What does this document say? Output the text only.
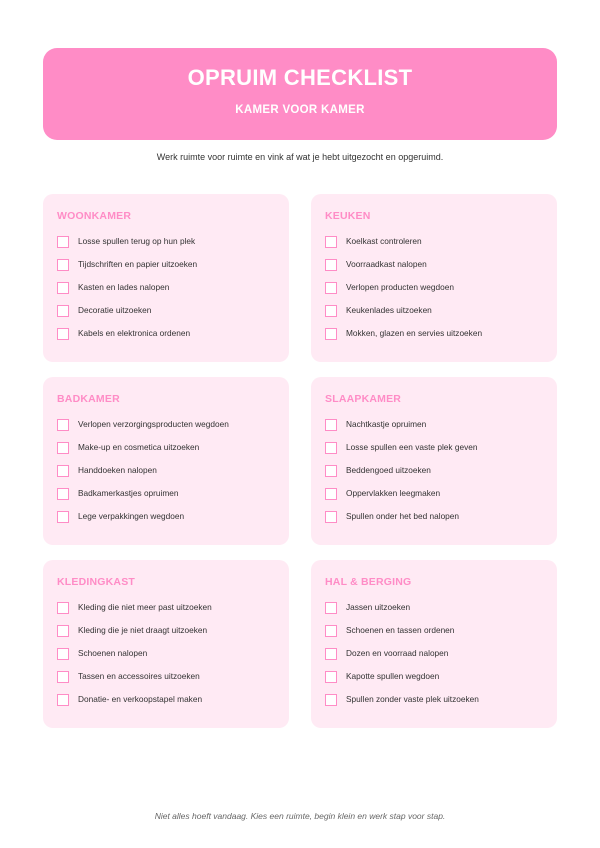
OPRUIM CHECKLIST
KAMER VOOR KAMER
Werk ruimte voor ruimte en vink af wat je hebt uitgezocht en opgeruimd.
WOONKAMER
Losse spullen terug op hun plek
Tijdschriften en papier uitzoeken
Kasten en lades nalopen
Decoratie uitzoeken
Kabels en elektronica ordenen
KEUKEN
Koelkast controleren
Voorraadkast nalopen
Verlopen producten wegdoen
Keukenlades uitzoeken
Mokken, glazen en servies uitzoeken
BADKAMER
Verlopen verzorgingsproducten wegdoen
Make-up en cosmetica uitzoeken
Handdoeken nalopen
Badkamerkastjes opruimen
Lege verpakkingen wegdoen
SLAAPKAMER
Nachtkastje opruimen
Losse spullen een vaste plek geven
Beddengoed uitzoeken
Oppervlakken leegmaken
Spullen onder het bed nalopen
KLEDINGKAST
Kleding die niet meer past uitzoeken
Kleding die je niet draagt uitzoeken
Schoenen nalopen
Tassen en accessoires uitzoeken
Donatie- en verkoopstapel maken
HAL & BERGING
Jassen uitzoeken
Schoenen en tassen ordenen
Dozen en voorraad nalopen
Kapotte spullen wegdoen
Spullen zonder vaste plek uitzoeken
Niet alles hoeft vandaag. Kies een ruimte, begin klein en werk stap voor stap.
